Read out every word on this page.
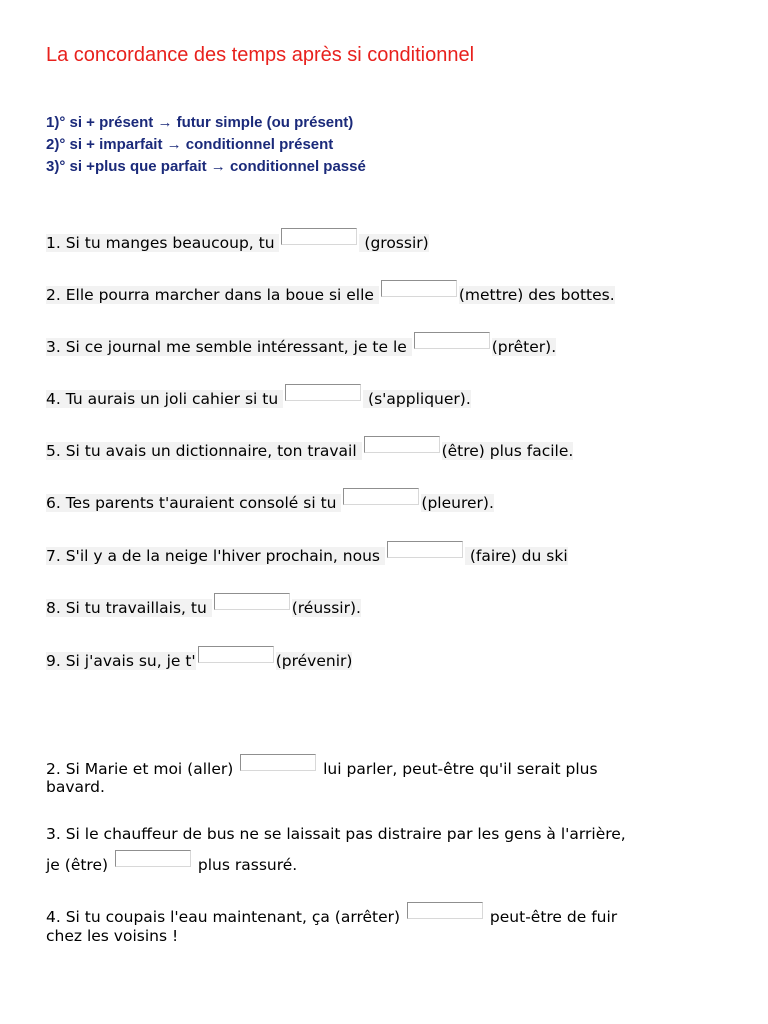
La concordance des temps après si conditionnel
1)° si + présent → futur simple (ou présent)
2)° si + imparfait → conditionnel présent
3)° si +plus que parfait → conditionnel passé
1. Si tu manges beaucoup, tu	(grossir)
2. Elle pourra marcher dans la boue si elle	(mettre) des bottes.
3. Si ce journal me semble intéressant, je te le	(prêter).
4. Tu aurais un joli cahier si tu	(s'appliquer).
5. Si tu avais un dictionnaire, ton travail	(être) plus facile.
6. Tes parents t'auraient consolé si tu	(pleurer).
7. S'il y a de la neige l'hiver prochain, nous	(faire) du ski
8. Si tu travaillais, tu	(réussir).
9. Si j'avais su, je t'	(prévenir)
2. Si Marie et moi (aller)	lui parler, peut-être qu'il serait plus
bavard.
3. Si le chauffeur de bus ne se laissait pas distraire par les gens à l'arrière,
je (être)	plus rassuré.
4. Si tu coupais l'eau maintenant, ça (arrêter)	peut-être de fuir
chez les voisins !
